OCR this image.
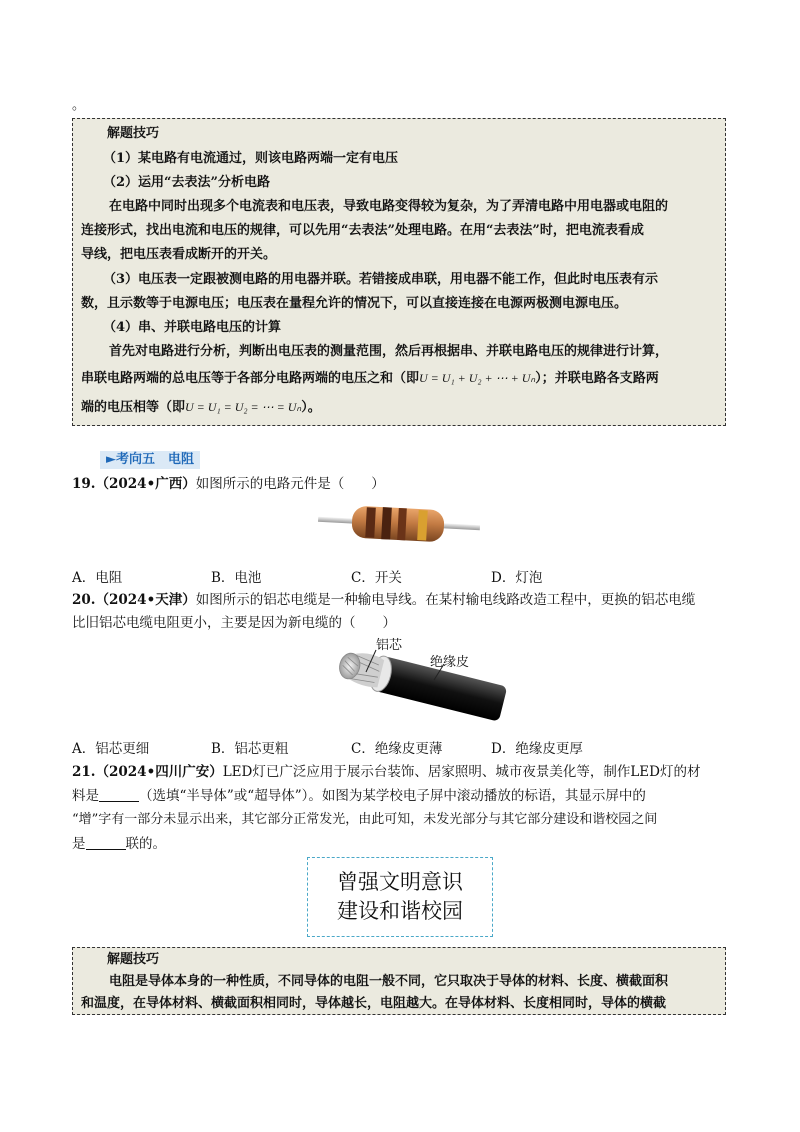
。
解题技巧
（1）某电路有电流通过，则该电路两端一定有电压
（2）运用“去表法”分析电路
在电路中同时出现多个电流表和电压表，导致电路变得较为复杂，为了弄清电路中用电器或电阻的
连接形式，找出电流和电压的规律，可以先用“去表法”处理电路。在用“去表法”时，把电流表看成
导线，把电压表看成断开的开关。
（3）电压表一定跟被测电路的用电器并联。若错接成串联，用电器不能工作，但此时电压表有示
数，且示数等于电源电压；电压表在量程允许的情况下，可以直接连接在电源两极测电源电压。
（4）串、并联电路电压的计算
首先对电路进行分析，判断出电压表的测量范围，然后再根据串、并联电路电压的规律进行计算，
串联电路两端的总电压等于各部分电路两端的电压之和（即U = U₁ + U₂ + ⋯ + Uₙ）；并联电路各支路两
端的电压相等（即U = U₁ = U₂ = ⋯ = Uₙ）。
►考向五　电阻
19.（2024•广西）如图所示的电路元件是（　　）
A．电阻	B．电池	C．开关	D．灯泡
20.（2024•天津）如图所示的铝芯电缆是一种输电导线。在某村输电线路改造工程中，更换的铝芯电缆
比旧铝芯电缆电阻更小，主要是因为新电缆的（　　）
铝芯
绝缘皮
A．铝芯更细	B．铝芯更粗	C．绝缘皮更薄	D．绝缘皮更厚
21.（2024•四川广安）LED灯已广泛应用于展示台装饰、居家照明、城市夜景美化等，制作LED灯的材
料是	（选填“半导体”或“超导体”）。如图为某学校电子屏中滚动播放的标语，其显示屏中的
“增”字有一部分未显示出来，其它部分正常发光，由此可知，未发光部分与其它部分建设和谐校园之间
是	联的。
曾强文明意识
建设和谐校园
解题技巧
电阻是导体本身的一种性质，不同导体的电阻一般不同，它只取决于导体的材料、长度、横截面积
和温度，在导体材料、横截面积相同时，导体越长，电阻越大。在导体材料、长度相同时，导体的横截
